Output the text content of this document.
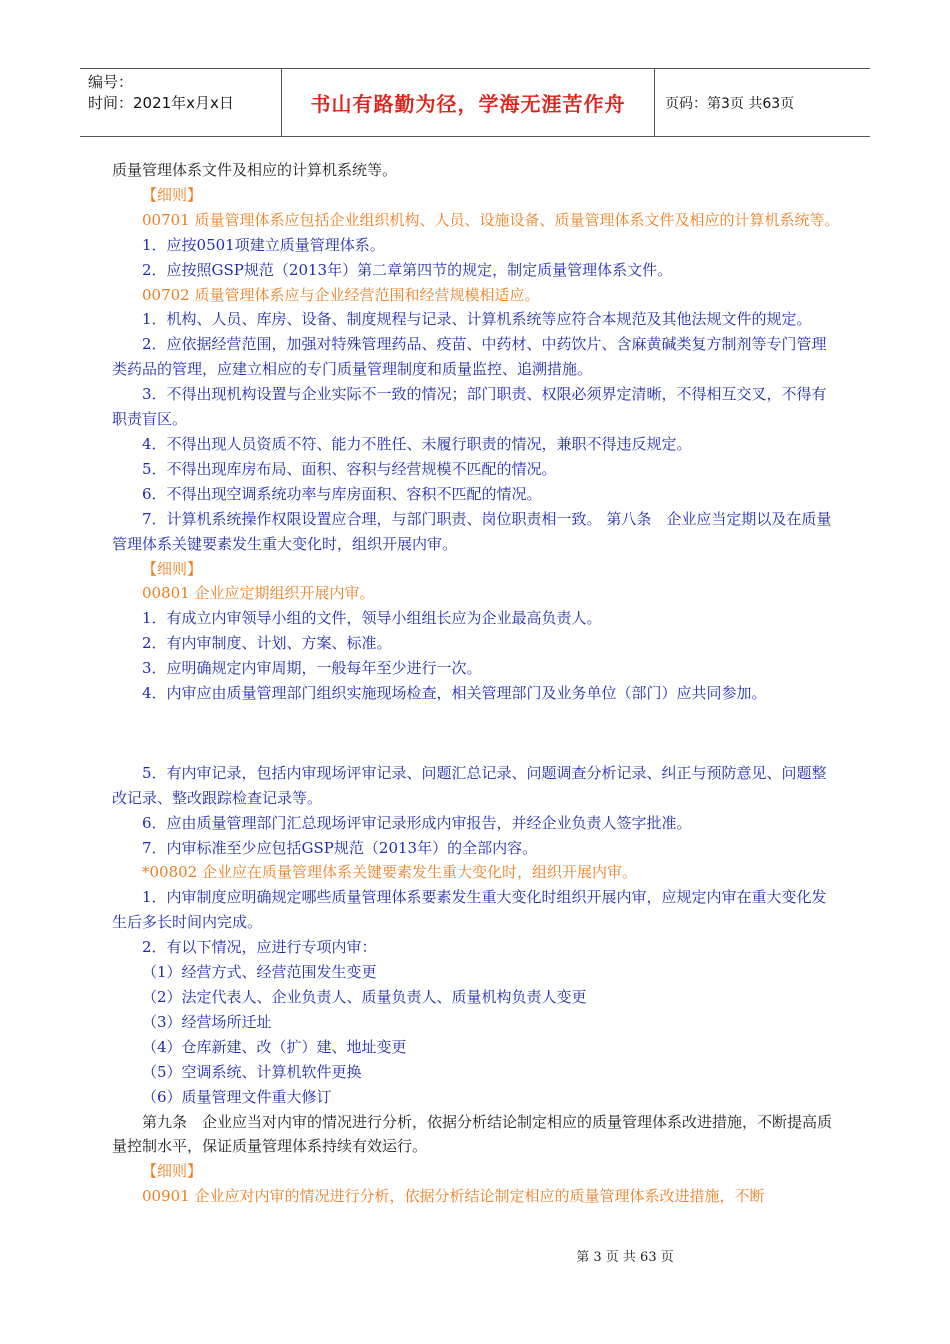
编号：
时间：2021年x月x日	书山有路勤为径，学海无涯苦作舟	页码：第3页 共63页

质量管理体系文件及相应的计算机系统等。

【细则】

00701 质量管理体系应包括企业组织机构、人员、设施设备、质量管理体系文件及相应的计算机系统等。

1．应按0501项建立质量管理体系。

2．应按照GSP规范（2013年）第二章第四节的规定，制定质量管理体系文件。

00702 质量管理体系应与企业经营范围和经营规模相适应。

1．机构、人员、库房、设备、制度规程与记录、计算机系统等应符合本规范及其他法规文件的规定。

2．应依据经营范围，加强对特殊管理药品、疫苗、中药材、中药饮片、含麻黄碱类复方制剂等专门管理类药品的管理，应建立相应的专门质量管理制度和质量监控、追溯措施。

3．不得出现机构设置与企业实际不一致的情况；部门职责、权限必须界定清晰，不得相互交叉，不得有职责盲区。

4．不得出现人员资质不符、能力不胜任、未履行职责的情况，兼职不得违反规定。

5．不得出现库房布局、面积、容积与经营规模不匹配的情况。

6．不得出现空调系统功率与库房面积、容积不匹配的情况。

7．计算机系统操作权限设置应合理，与部门职责、岗位职责相一致。 第八条　企业应当定期以及在质量管理体系关键要素发生重大变化时，组织开展内审。

【细则】

00801 企业应定期组织开展内审。

1．有成立内审领导小组的文件，领导小组组长应为企业最高负责人。

2．有内审制度、计划、方案、标准。

3．应明确规定内审周期，一般每年至少进行一次。

4．内审应由质量管理部门组织实施现场检查，相关管理部门及业务单位（部门）应共同参加。

5．有内审记录，包括内审现场评审记录、问题汇总记录、问题调查分析记录、纠正与预防意见、问题整改记录、整改跟踪检查记录等。

6．应由质量管理部门汇总现场评审记录形成内审报告，并经企业负责人签字批准。

7．内审标准至少应包括GSP规范（2013年）的全部内容。

*00802 企业应在质量管理体系关键要素发生重大变化时，组织开展内审。

1．内审制度应明确规定哪些质量管理体系要素发生重大变化时组织开展内审，应规定内审在重大变化发生后多长时间内完成。

2．有以下情况，应进行专项内审：

（1）经营方式、经营范围发生变更

（2）法定代表人、企业负责人、质量负责人、质量机构负责人变更

（3）经营场所迁址

（4）仓库新建、改（扩）建、地址变更

（5）空调系统、计算机软件更换

（6）质量管理文件重大修订

第九条　企业应当对内审的情况进行分析，依据分析结论制定相应的质量管理体系改进措施，不断提高质量控制水平，保证质量管理体系持续有效运行。

【细则】

00901 企业应对内审的情况进行分析，依据分析结论制定相应的质量管理体系改进措施，不断

第 3 页 共 63 页
